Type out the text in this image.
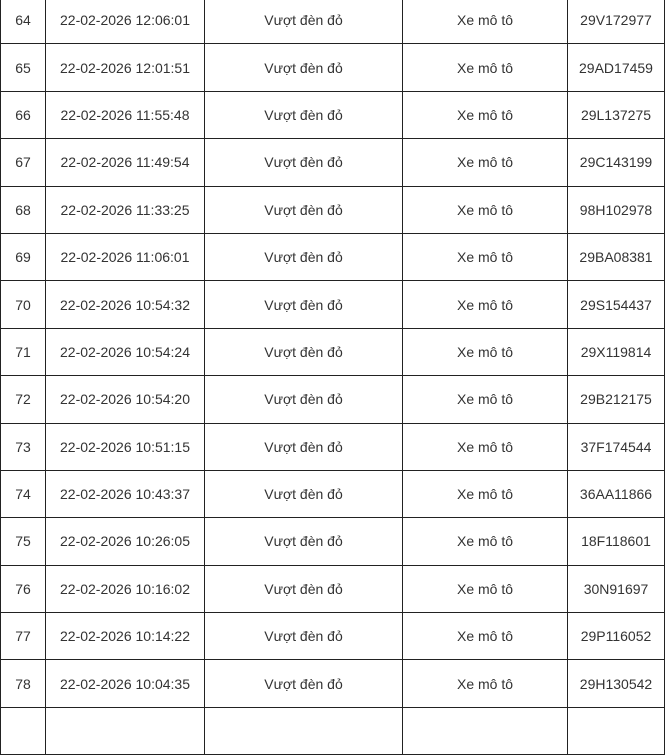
64	22-02-2026 12:06:01	Vượt đèn đỏ	Xe mô tô	29V172977
65	22-02-2026 12:01:51	Vượt đèn đỏ	Xe mô tô	29AD17459
66	22-02-2026 11:55:48	Vượt đèn đỏ	Xe mô tô	29L137275
67	22-02-2026 11:49:54	Vượt đèn đỏ	Xe mô tô	29C143199
68	22-02-2026 11:33:25	Vượt đèn đỏ	Xe mô tô	98H102978
69	22-02-2026 11:06:01	Vượt đèn đỏ	Xe mô tô	29BA08381
70	22-02-2026 10:54:32	Vượt đèn đỏ	Xe mô tô	29S154437
71	22-02-2026 10:54:24	Vượt đèn đỏ	Xe mô tô	29X119814
72	22-02-2026 10:54:20	Vượt đèn đỏ	Xe mô tô	29B212175
73	22-02-2026 10:51:15	Vượt đèn đỏ	Xe mô tô	37F174544
74	22-02-2026 10:43:37	Vượt đèn đỏ	Xe mô tô	36AA11866
75	22-02-2026 10:26:05	Vượt đèn đỏ	Xe mô tô	18F118601
76	22-02-2026 10:16:02	Vượt đèn đỏ	Xe mô tô	30N91697
77	22-02-2026 10:14:22	Vượt đèn đỏ	Xe mô tô	29P116052
78	22-02-2026 10:04:35	Vượt đèn đỏ	Xe mô tô	29H130542
